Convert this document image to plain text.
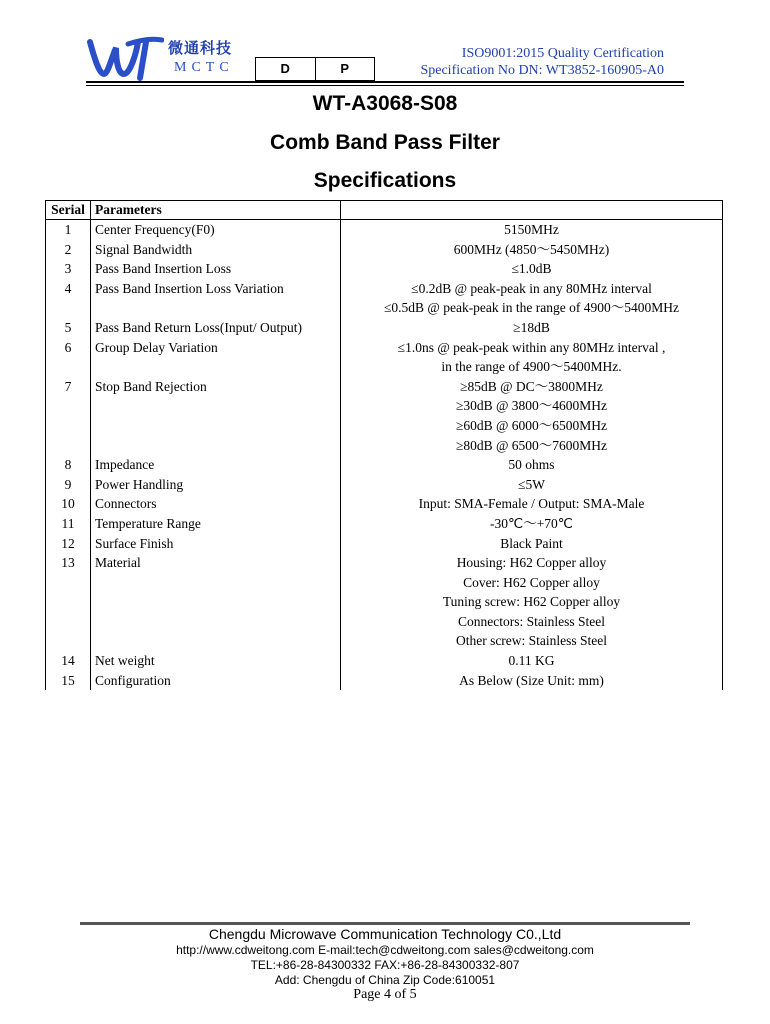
微通科技
MCTC	D	P
ISO9001:2015 Quality Certification
Specification No DN: WT3852-160905-A0
WT-A3068-S08
Comb Band Pass Filter
Specifications
Serial	Parameters	
1	Center Frequency(F0)	5150MHz

2	Signal Bandwidth	600MHz (4850～5450MHz)

3	Pass Band Insertion Loss	≤1.0dB

4	Pass Band Insertion Loss Variation	≤0.2dB @ peak-peak in any 80MHz interval
≤0.5dB @ peak-peak in the range of 4900～5400MHz

5	Pass Band Return Loss(Input/ Output)	≥18dB

6	Group Delay Variation	≤1.0ns @ peak-peak within any 80MHz interval ,
in the range of 4900～5400MHz.

7	Stop Band Rejection	≥85dB @ DC～3800MHz
≥30dB @ 3800～4600MHz
≥60dB @ 6000～6500MHz
≥80dB @ 6500～7600MHz

8	Impedance	50 ohms

9	Power Handling	≤5W

10	Connectors	Input: SMA-Female / Output: SMA-Male

11	Temperature Range	-30℃～+70℃

12	Surface Finish	Black Paint

13	Material	Housing: H62 Copper alloy
Cover: H62 Copper alloy
Tuning screw: H62 Copper alloy
Connectors: Stainless Steel
Other screw: Stainless Steel

14	Net weight	0.11 KG

15	Configuration	As Below (Size Unit: mm)
Chengdu Microwave Communication Technology C0.,Ltd
http://www.cdweitong.com E-mail:tech@cdweitong.com sales@cdweitong.com
TEL:+86-28-84300332 FAX:+86-28-84300332-807
Add: Chengdu of China Zip Code:610051
Page 4 of 5
